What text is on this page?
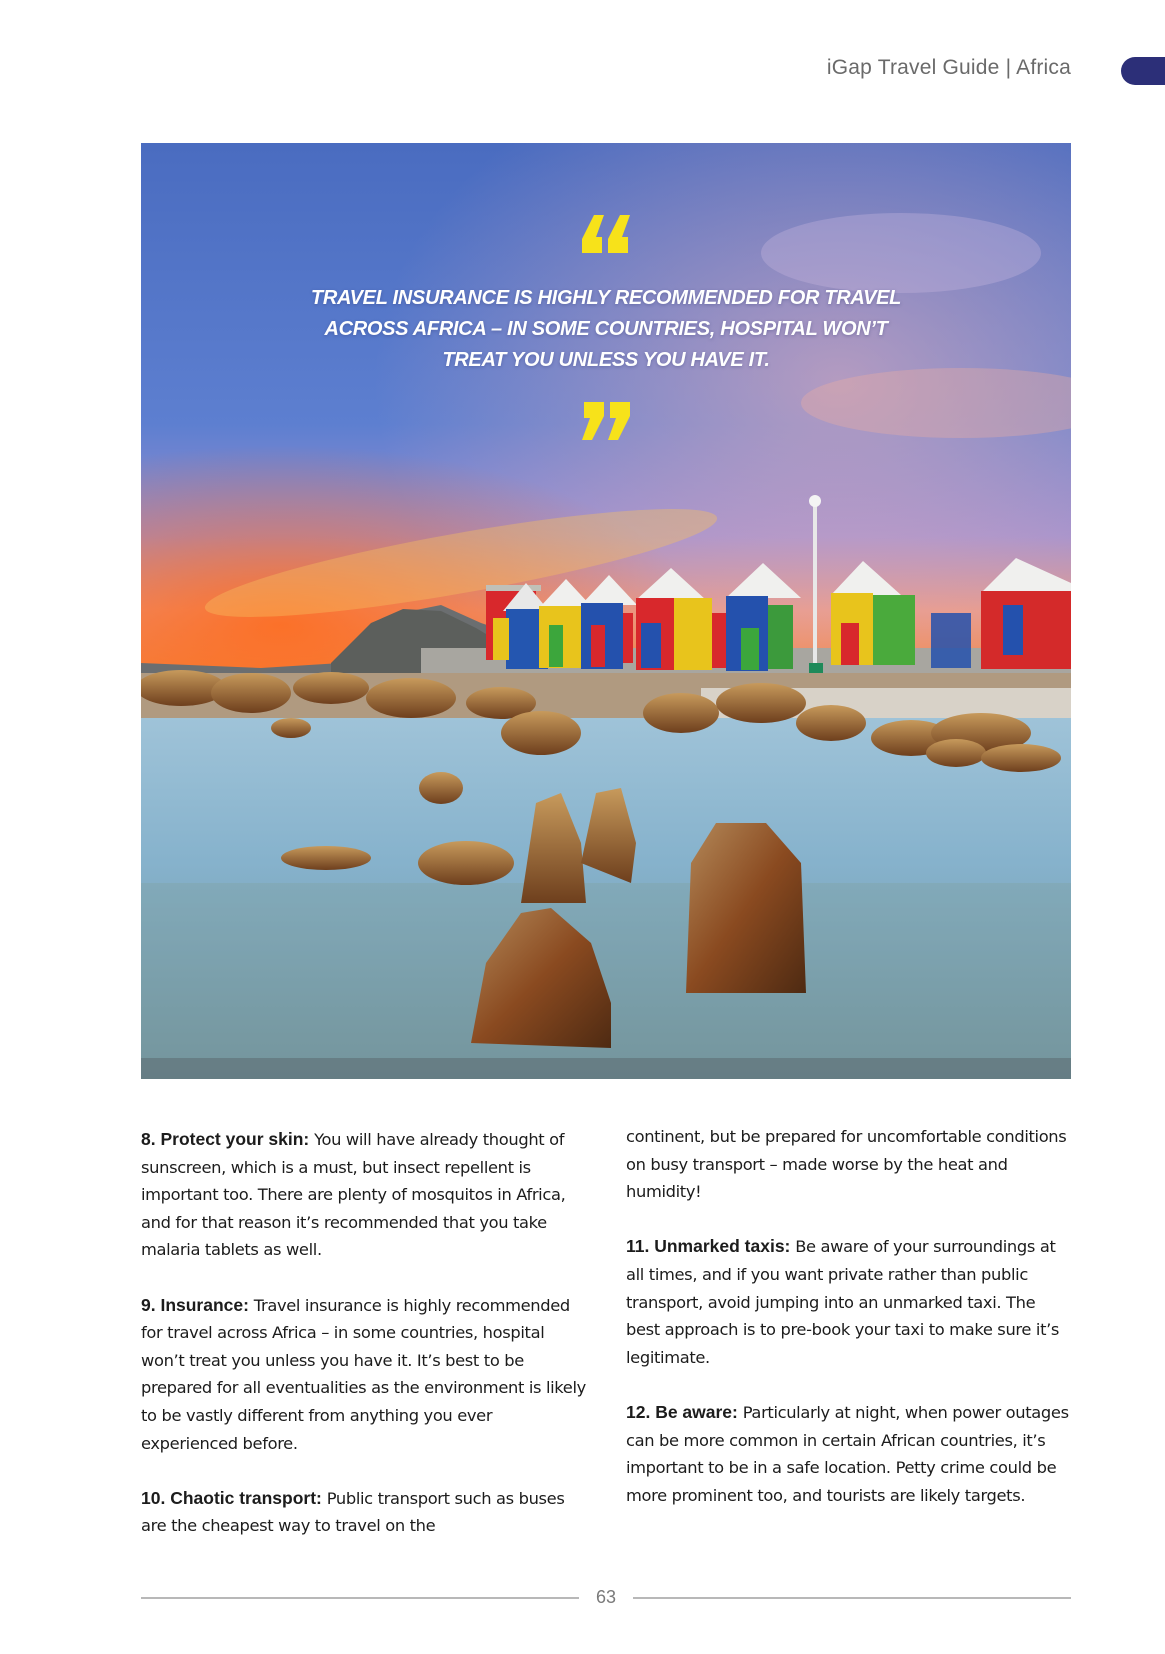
iGap Travel Guide | Africa
TRAVEL INSURANCE IS HIGHLY RECOMMENDED FOR TRAVEL ACROSS AFRICA – IN SOME COUNTRIES, HOSPITAL WON’T TREAT YOU UNLESS YOU HAVE IT.

8. Protect your skin: You will have already thought of sunscreen, which is a must, but insect repellent is important too. There are plenty of mosquitos in Africa, and for that reason it’s recommended that you take malaria tablets as well.

9. Insurance: Travel insurance is highly recommended for travel across Africa – in some countries, hospital won’t treat you unless you have it. It’s best to be prepared for all eventualities as the environment is likely to be vastly different from anything you ever experienced before.

10. Chaotic transport: Public transport such as buses are the cheapest way to travel on the

continent, but be prepared for uncomfortable conditions on busy transport – made worse by the heat and humidity!

11. Unmarked taxis: Be aware of your surroundings at all times, and if you want private rather than public transport, avoid jumping into an unmarked taxi. The best approach is to pre-book your taxi to make sure it’s legitimate.

12. Be aware: Particularly at night, when power outages can be more common in certain African countries, it’s important to be in a safe location. Petty crime could be more prominent too, and tourists are likely targets.

63
